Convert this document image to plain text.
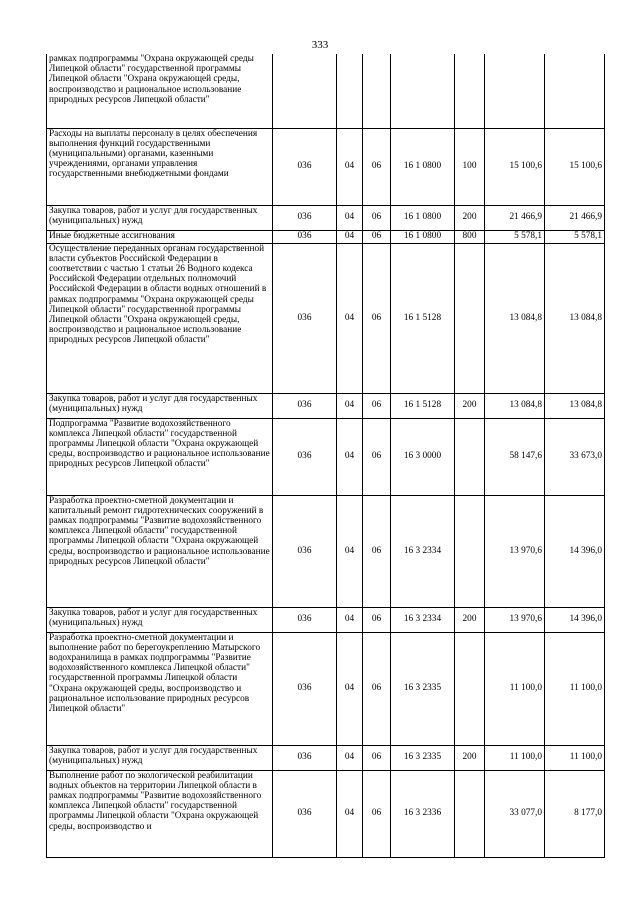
333
рамках подпрограммы "Охрана окружающей среды Липецкой области" государственной программы Липецкой области "Охрана окружающей среды, воспроизводство и рациональное использование природных ресурсов Липецкой области"							
Расходы на выплаты персоналу в целях обеспечения выполнения функций государственными (муниципальными) органами, казенными учреждениями, органами управления государственными внебюджетными фондами	036	04	06	16 1 0800	100	15 100,6	15 100,6
Закупка товаров, работ и услуг для государственных (муниципальных) нужд	036	04	06	16 1 0800	200	21 466,9	21 466,9
Иные бюджетные ассигнования	036	04	06	16 1 0800	800	5 578,1	5 578,1
Осуществление переданных органам государственной власти субъектов Российской Федерации в соответствии с частью 1 статьи 26 Водного кодекса Российской Федерации отдельных полномочий Российской Федерации в области водных отношений в рамках подпрограммы "Охрана окружающей среды Липецкой области" государственной программы Липецкой области "Охрана окружающей среды, воспроизводство и рациональное использование природных ресурсов Липецкой области"	036	04	06	16 1 5128		13 084,8	13 084,8
Закупка товаров, работ и услуг для государственных (муниципальных) нужд	036	04	06	16 1 5128	200	13 084,8	13 084,8
Подпрограмма "Развитие водохозяйственного комплекса Липецкой области" государственной программы Липецкой области "Охрана окружающей среды, воспроизводство и рациональное использование природных ресурсов Липецкой области"	036	04	06	16 3 0000		58 147,6	33 673,0
Разработка проектно-сметной документации и капитальный ремонт гидротехнических сооружений в рамках подпрограммы "Развитие водохозяйственного комплекса Липецкой области" государственной программы Липецкой области "Охрана окружающей среды, воспроизводство и рациональное использование природных ресурсов Липецкой области"	036	04	06	16 3 2334		13 970,6	14 396,0
Закупка товаров, работ и услуг для государственных (муниципальных) нужд	036	04	06	16 3 2334	200	13 970,6	14 396,0
Разработка проектно-сметной документации и выполнение работ по берегоукреплению Матырского водохранилища в рамках подпрограммы "Развитие водохозяйственного комплекса Липецкой области" государственной программы Липецкой области "Охрана окружающей среды, воспроизводство и рациональное использование природных ресурсов Липецкой области"	036	04	06	16 3 2335		11 100,0	11 100,0
Закупка товаров, работ и услуг для государственных (муниципальных) нужд	036	04	06	16 3 2335	200	11 100,0	11 100,0
Выполнение работ по экологической реабилитации водных объектов на территории Липецкой области в рамках подпрограммы "Развитие водохозяйственного комплекса Липецкой области" государственной программы Липецкой области "Охрана окружающей среды, воспроизводство и	036	04	06	16 3 2336		33 077,0	8 177,0
